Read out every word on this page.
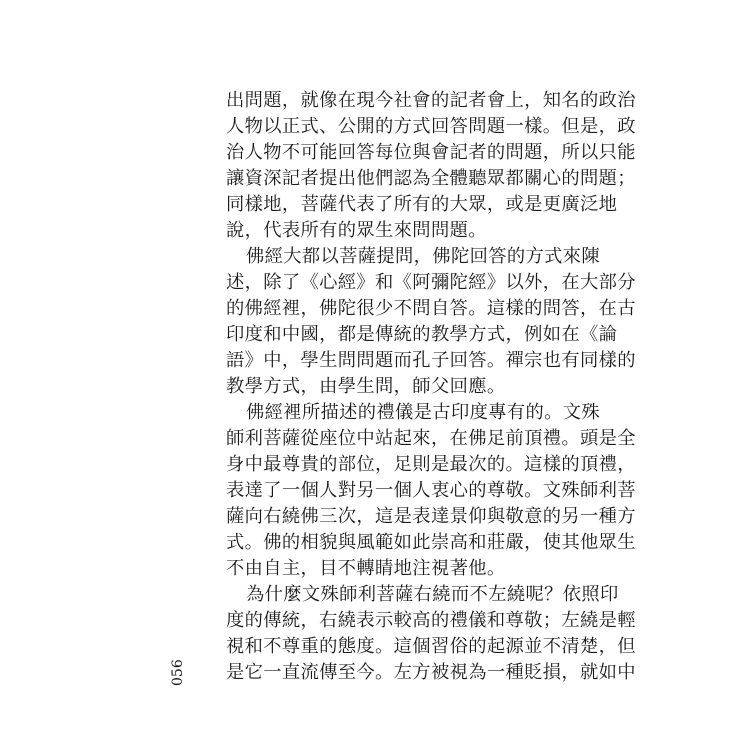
出問題，就像在現今社會的記者會上，知名的政治
人物以正式、公開的方式回答問題一樣。但是，政
治人物不可能回答每位與會記者的問題，所以只能
讓資深記者提出他們認為全體聽眾都關心的問題；
同樣地，菩薩代表了所有的大眾，或是更廣泛地
說，代表所有的眾生來問問題。
佛經大都以菩薩提問，佛陀回答的方式來陳
述，除了《心經》和《阿彌陀經》以外，在大部分
的佛經裡，佛陀很少不問自答。這樣的問答，在古
印度和中國，都是傳統的教學方式，例如在《論
語》中，學生問問題而孔子回答。禪宗也有同樣的
教學方式，由學生問，師父回應。
佛經裡所描述的禮儀是古印度專有的。文殊
師利菩薩從座位中站起來，在佛足前頂禮。頭是全
身中最尊貴的部位，足則是最次的。這樣的頂禮，
表達了一個人對另一個人衷心的尊敬。文殊師利菩
薩向右繞佛三次，這是表達景仰與敬意的另一種方
式。佛的相貌與風範如此崇高和莊嚴，使其他眾生
不由自主，目不轉睛地注視著他。
為什麼文殊師利菩薩右繞而不左繞呢？依照印
度的傳統，右繞表示較高的禮儀和尊敬；左繞是輕
視和不尊重的態度。這個習俗的起源並不清楚，但
是它一直流傳至今。左方被視為一種貶損，就如中
056
